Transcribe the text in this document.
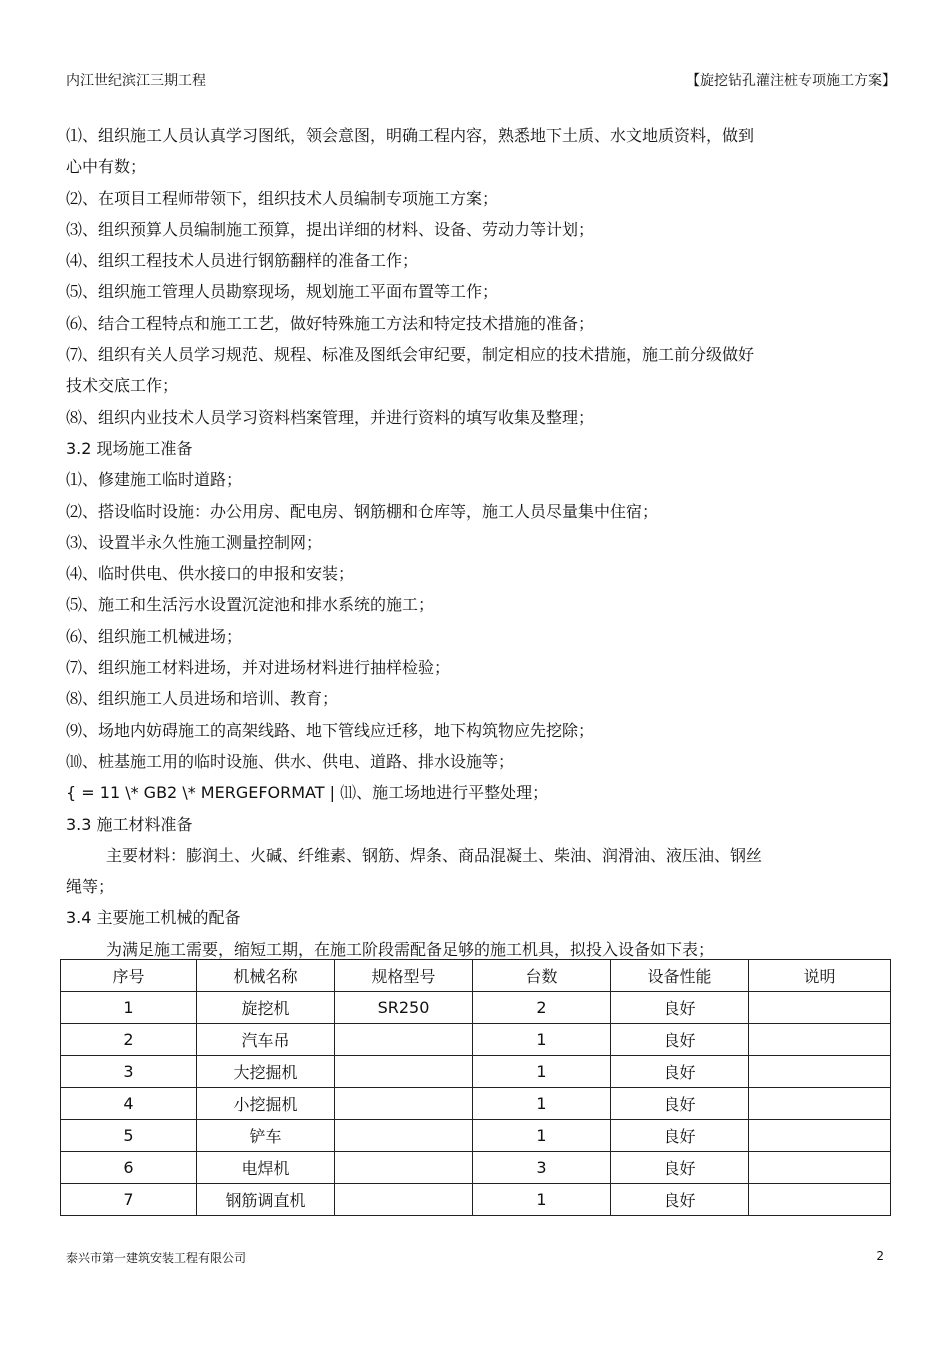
内江世纪滨江三期工程	【旋挖钻孔灌注桩专项施工方案】
⑴、组织施工人员认真学习图纸，领会意图，明确工程内容，熟悉地下土质、水文地质资料，做到
心中有数；
⑵、在项目工程师带领下，组织技术人员编制专项施工方案；
⑶、组织预算人员编制施工预算，提出详细的材料、设备、劳动力等计划；
⑷、组织工程技术人员进行钢筋翻样的准备工作；
⑸、组织施工管理人员勘察现场，规划施工平面布置等工作；
⑹、结合工程特点和施工工艺，做好特殊施工方法和特定技术措施的准备；
⑺、组织有关人员学习规范、规程、标准及图纸会审纪要，制定相应的技术措施，施工前分级做好
技术交底工作；
⑻、组织内业技术人员学习资料档案管理，并进行资料的填写收集及整理；
3.2 现场施工准备
⑴、修建施工临时道路；
⑵、搭设临时设施：办公用房、配电房、钢筋棚和仓库等，施工人员尽量集中住宿；
⑶、设置半永久性施工测量控制网；
⑷、临时供电、供水接口的申报和安装；
⑸、施工和生活污水设置沉淀池和排水系统的施工；
⑹、组织施工机械进场；
⑺、组织施工材料进场，并对进场材料进行抽样检验；
⑻、组织施工人员进场和培训、教育；
⑼、场地内妨碍施工的高架线路、地下管线应迁移，地下构筑物应先挖除；
⑽、桩基施工用的临时设施、供水、供电、道路、排水设施等；
{ = 11 \* GB2 \* MERGEFORMAT | ⑾、施工场地进行平整处理；
3.3 施工材料准备
主要材料：膨润土、火碱、纤维素、钢筋、焊条、商品混凝土、柴油、润滑油、液压油、钢丝
绳等；
3.4 主要施工机械的配备
为满足施工需要，缩短工期，在施工阶段需配备足够的施工机具，拟投入设备如下表；
序号	机械名称	规格型号	台数	设备性能	说明
1	旋挖机	SR250	2	良好	
2	汽车吊		1	良好	
3	大挖掘机		1	良好	
4	小挖掘机		1	良好	
5	铲车		1	良好	
6	电焊机		3	良好	
7	钢筋调直机		1	良好	
泰兴市第一建筑安装工程有限公司	2
